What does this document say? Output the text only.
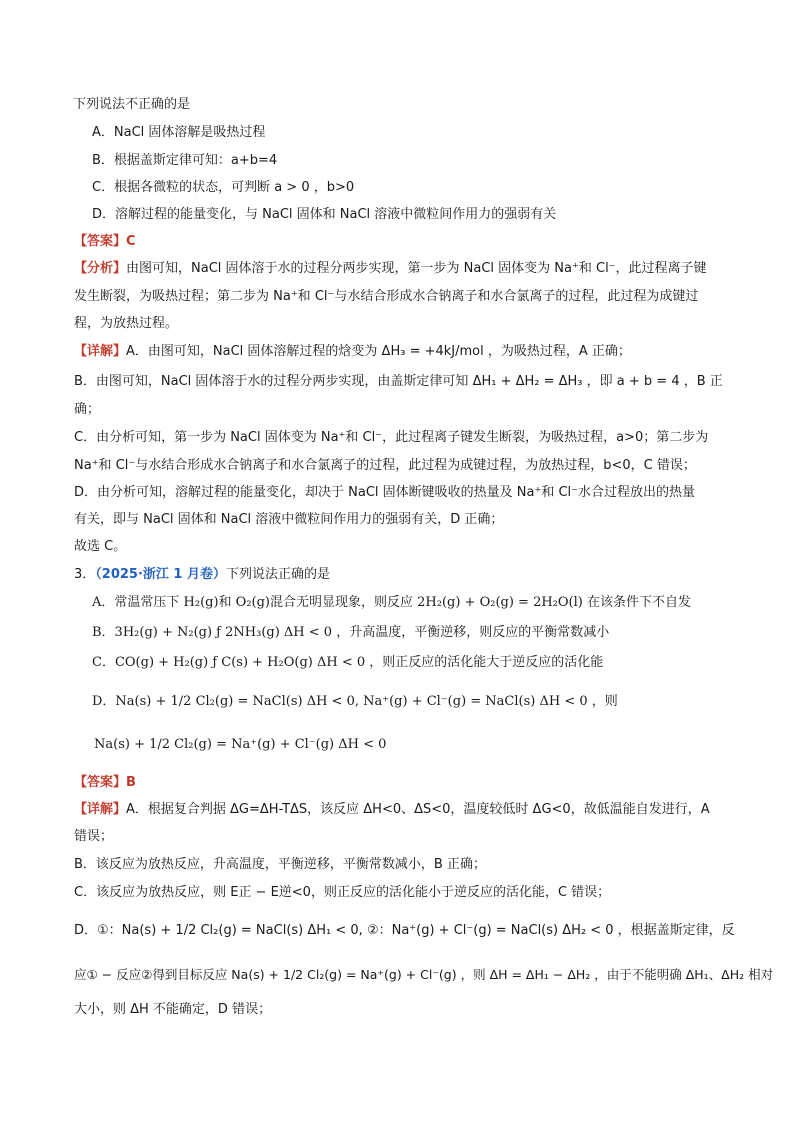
下列说法不正确的是
A．NaCl 固体溶解是吸热过程
B．根据盖斯定律可知：a+b=4
C．根据各微粒的状态，可判断 a > 0 ，b>0
D．溶解过程的能量变化，与 NaCl 固体和 NaCl 溶液中微粒间作用力的强弱有关
【答案】C
【分析】由图可知，NaCl 固体溶于水的过程分两步实现，第一步为 NaCl 固体变为 Na⁺和 Cl⁻，此过程离子键
发生断裂，为吸热过程；第二步为 Na⁺和 Cl⁻与水结合形成水合钠离子和水合氯离子的过程，此过程为成键过
程，为放热过程。
【详解】A．由图可知，NaCl 固体溶解过程的焓变为 ΔH₃ = +4kJ/mol ，为吸热过程，A 正确；
B．由图可知，NaCl 固体溶于水的过程分两步实现，由盖斯定律可知 ΔH₁ + ΔH₂ = ΔH₃ ，即 a + b = 4 ，B 正
确；
C．由分析可知，第一步为 NaCl 固体变为 Na⁺和 Cl⁻，此过程离子键发生断裂，为吸热过程，a>0；第二步为
Na⁺和 Cl⁻与水结合形成水合钠离子和水合氯离子的过程，此过程为成键过程，为放热过程，b<0，C 错误；
D．由分析可知，溶解过程的能量变化，却决于 NaCl 固体断键吸收的热量及 Na⁺和 Cl⁻水合过程放出的热量
有关，即与 NaCl 固体和 NaCl 溶液中微粒间作用力的强弱有关，D 正确；
故选 C。
3．（2025·浙江 1 月卷）下列说法正确的是
A．常温常压下 H₂(g)和 O₂(g)混合无明显现象，则反应 2H₂(g) + O₂(g) = 2H₂O(l) 在该条件下不自发
B．3H₂(g) + N₂(g) ƒ 2NH₃(g) ΔH < 0 ，升高温度，平衡逆移，则反应的平衡常数减小
C．CO(g) + H₂(g) ƒ C(s) + H₂O(g) ΔH < 0 ，则正反应的活化能大于逆反应的活化能
D．Na(s) + 1/2 Cl₂(g) = NaCl(s) ΔH < 0, Na⁺(g) + Cl⁻(g) = NaCl(s) ΔH < 0 ，则
Na(s) + 1/2 Cl₂(g) = Na⁺(g) + Cl⁻(g) ΔH < 0
【答案】B
【详解】A．根据复合判据 ΔG=ΔH-TΔS，该反应 ΔH<0、ΔS<0，温度较低时 ΔG<0，故低温能自发进行，A
错误；
B．该反应为放热反应，升高温度，平衡逆移，平衡常数减小，B 正确；
C．该反应为放热反应，则 E正 − E逆<0，则正反应的活化能小于逆反应的活化能，C 错误；
D．①：Na(s) + 1/2 Cl₂(g) = NaCl(s) ΔH₁ < 0, ②：Na⁺(g) + Cl⁻(g) = NaCl(s) ΔH₂ < 0 ，根据盖斯定律，反
应① − 反应②得到目标反应 Na(s) + 1/2 Cl₂(g) = Na⁺(g) + Cl⁻(g) ，则 ΔH = ΔH₁ − ΔH₂ ，由于不能明确 ΔH₁、ΔH₂ 相对
大小，则 ΔH 不能确定，D 错误；
